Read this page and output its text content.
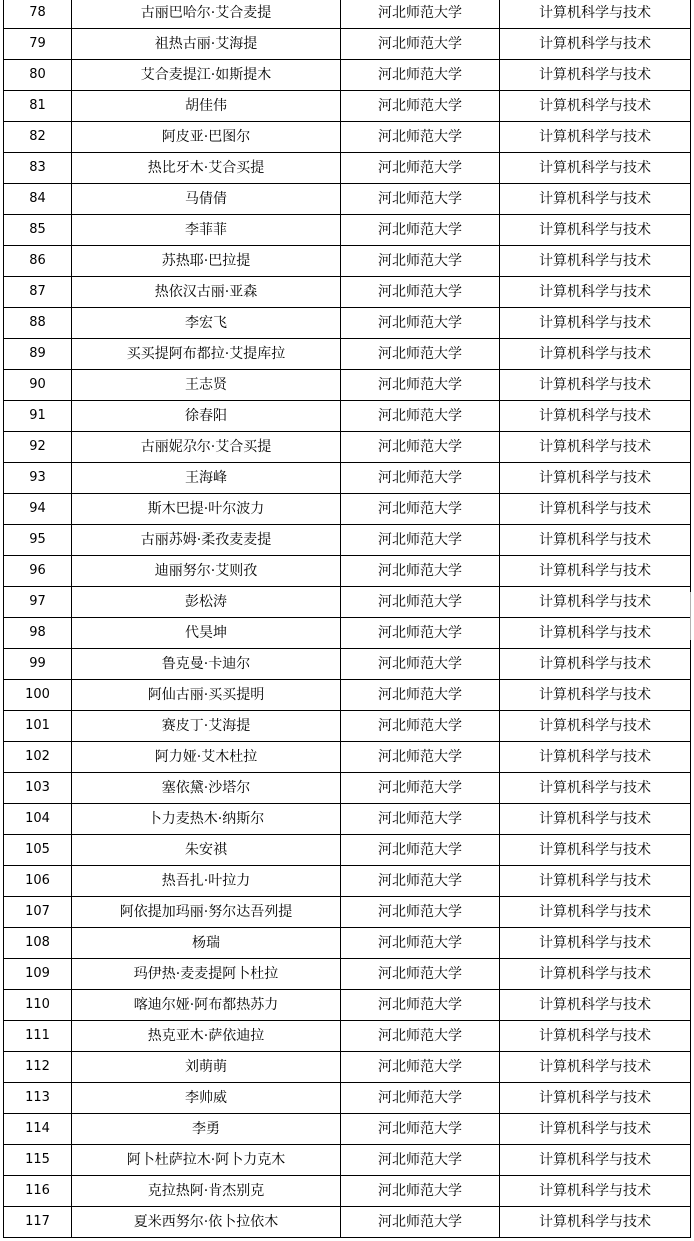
78	古丽巴哈尔·艾合麦提	河北师范大学	计算机科学与技术
79	祖热古丽·艾海提	河北师范大学	计算机科学与技术
80	艾合麦提江·如斯提木	河北师范大学	计算机科学与技术
81	胡佳伟	河北师范大学	计算机科学与技术
82	阿皮亚·巴图尔	河北师范大学	计算机科学与技术
83	热比牙木·艾合买提	河北师范大学	计算机科学与技术
84	马倩倩	河北师范大学	计算机科学与技术
85	李菲菲	河北师范大学	计算机科学与技术
86	苏热耶·巴拉提	河北师范大学	计算机科学与技术
87	热依汉古丽·亚森	河北师范大学	计算机科学与技术
88	李宏飞	河北师范大学	计算机科学与技术
89	买买提阿布都拉·艾提库拉	河北师范大学	计算机科学与技术
90	王志贤	河北师范大学	计算机科学与技术
91	徐春阳	河北师范大学	计算机科学与技术
92	古丽妮尕尔·艾合买提	河北师范大学	计算机科学与技术
93	王海峰	河北师范大学	计算机科学与技术
94	斯木巴提·叶尔波力	河北师范大学	计算机科学与技术
95	古丽苏姆·柔孜麦麦提	河北师范大学	计算机科学与技术
96	迪丽努尔·艾则孜	河北师范大学	计算机科学与技术
97	彭松涛	河北师范大学	计算机科学与技术
98	代昊坤	河北师范大学	计算机科学与技术
99	鲁克曼·卡迪尔	河北师范大学	计算机科学与技术
100	阿仙古丽·买买提明	河北师范大学	计算机科学与技术
101	赛皮丁·艾海提	河北师范大学	计算机科学与技术
102	阿力娅·艾木杜拉	河北师范大学	计算机科学与技术
103	塞依黛·沙塔尔	河北师范大学	计算机科学与技术
104	卜力麦热木·纳斯尔	河北师范大学	计算机科学与技术
105	朱安祺	河北师范大学	计算机科学与技术
106	热吾扎·叶拉力	河北师范大学	计算机科学与技术
107	阿依提加玛丽·努尔达吾列提	河北师范大学	计算机科学与技术
108	杨瑞	河北师范大学	计算机科学与技术
109	玛伊热·麦麦提阿卜杜拉	河北师范大学	计算机科学与技术
110	喀迪尔娅·阿布都热苏力	河北师范大学	计算机科学与技术
111	热克亚木·萨依迪拉	河北师范大学	计算机科学与技术
112	刘萌萌	河北师范大学	计算机科学与技术
113	李帅威	河北师范大学	计算机科学与技术
114	李勇	河北师范大学	计算机科学与技术
115	阿卜杜萨拉木·阿卜力克木	河北师范大学	计算机科学与技术
116	克拉热阿·肯杰别克	河北师范大学	计算机科学与技术
117	夏米西努尔·依卜拉依木	河北师范大学	计算机科学与技术
